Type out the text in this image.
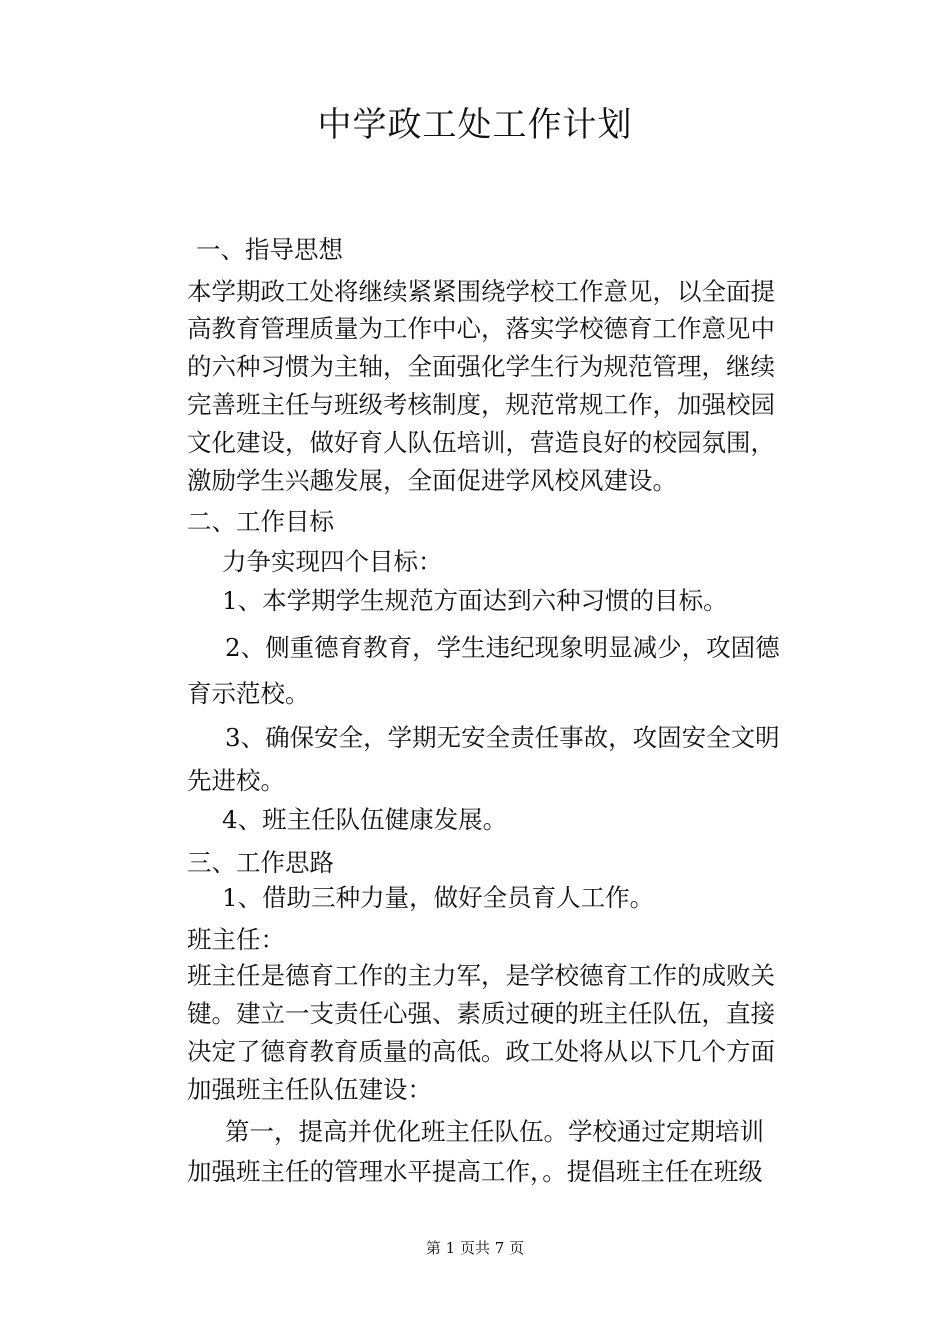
中学政工处工作计划
一、指导思想
本学期政工处将继续紧紧围绕学校工作意见，以全面提
高教育管理质量为工作中心，落实学校德育工作意见中
的六种习惯为主轴，全面强化学生行为规范管理，继续
完善班主任与班级考核制度，规范常规工作，加强校园
文化建设，做好育人队伍培训，营造良好的校园氛围，
激励学生兴趣发展，全面促进学风校风建设。
二、工作目标
力争实现四个目标：
1、本学期学生规范方面达到六种习惯的目标。
2、侧重德育教育，学生违纪现象明显减少，攻固德
育示范校。
3、确保安全，学期无安全责任事故，攻固安全文明
先进校。
4、班主任队伍健康发展。
三、工作思路
1、借助三种力量，做好全员育人工作。
班主任：
班主任是德育工作的主力军，是学校德育工作的成败关
键。建立一支责任心强、素质过硬的班主任队伍，直接
决定了德育教育质量的高低。政工处将从以下几个方面
加强班主任队伍建设：
第一，提高并优化班主任队伍。学校通过定期培训
加强班主任的管理水平提高工作，。提倡班主任在班级
第 1 页共 7 页
